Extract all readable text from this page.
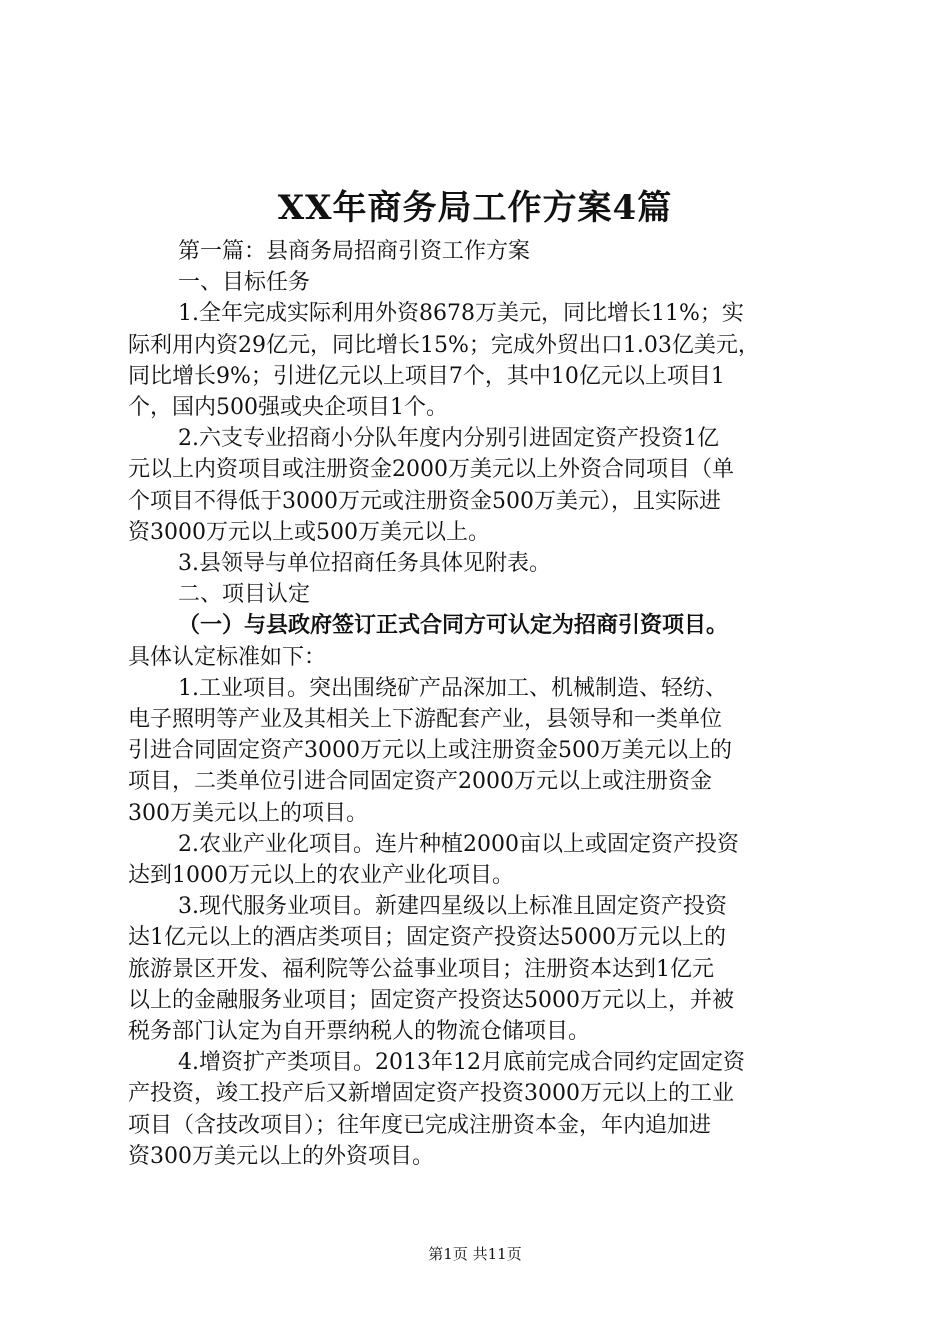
XX年商务局工作方案4篇

第一篇：县商务局招商引资工作方案

一、目标任务

1.全年完成实际利用外资8678万美元，同比增长11%；实

际利用内资29亿元，同比增长15%；完成外贸出口1.03亿美元，

同比增长9%；引进亿元以上项目7个，其中10亿元以上项目1

个，国内500强或央企项目1个。

2.六支专业招商小分队年度内分别引进固定资产投资1亿

元以上内资项目或注册资金2000万美元以上外资合同项目（单

个项目不得低于3000万元或注册资金500万美元），且实际进

资3000万元以上或500万美元以上。

3.县领导与单位招商任务具体见附表。

二、项目认定

（一）与县政府签订正式合同方可认定为招商引资项目。

具体认定标准如下：

1.工业项目。突出围绕矿产品深加工、机械制造、轻纺、

电子照明等产业及其相关上下游配套产业，县领导和一类单位

引进合同固定资产3000万元以上或注册资金500万美元以上的

项目，二类单位引进合同固定资产2000万元以上或注册资金

300万美元以上的项目。

2.农业产业化项目。连片种植2000亩以上或固定资产投资

达到1000万元以上的农业产业化项目。

3.现代服务业项目。新建四星级以上标准且固定资产投资

达1亿元以上的酒店类项目；固定资产投资达5000万元以上的

旅游景区开发、福利院等公益事业项目；注册资本达到1亿元

以上的金融服务业项目；固定资产投资达5000万元以上，并被

税务部门认定为自开票纳税人的物流仓储项目。

4.增资扩产类项目。2013年12月底前完成合同约定固定资

产投资，竣工投产后又新增固定资产投资3000万元以上的工业

项目（含技改项目）；往年度已完成注册资本金，年内追加进

资300万美元以上的外资项目。

第1页 共11页
